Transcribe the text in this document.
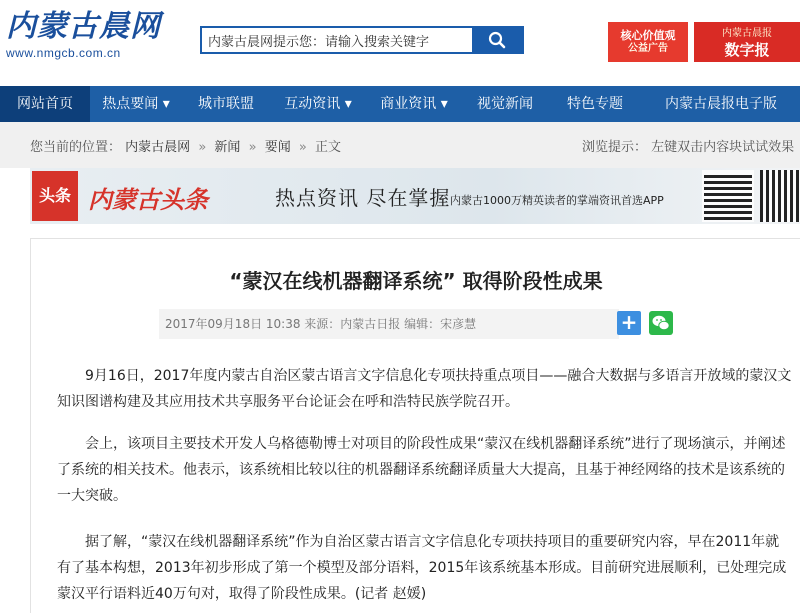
内蒙古晨网
www.nmgcb.com.cn
内蒙古晨网提示您：请输入搜索关键字
核心价值观
公益广告
内蒙古晨报
数字报
网站首页	热点要闻 ▾	城市联盟	互动资讯 ▾	商业资讯 ▾	视觉新闻	特色专题	内蒙古晨报电子版
您当前的位置： 内蒙古晨网 » 新闻 » 要闻 » 正文	浏览提示： 左键双击内容块试试效果
头条 内蒙古头条	热点资讯 尽在掌握 内蒙古1000万精英读者的掌端资讯首选APP
“蒙汉在线机器翻译系统” 取得阶段性成果
2017年09月18日 10:38 来源：内蒙古日报 编辑：宋彦慧	+

9月16日，2017年度内蒙古自治区蒙古语言文字信息化专项扶持重点项目——融合大数据与多语言开放域的蒙汉文知识图谱构建及其应用技术共享服务平台论证会在呼和浩特民族学院召开。

会上，该项目主要技术开发人乌格德勒博士对项目的阶段性成果“蒙汉在线机器翻译系统”进行了现场演示，并阐述了系统的相关技术。他表示，该系统相比较以往的机器翻译系统翻译质量大大提高，且基于神经网络的技术是该系统的一大突破。

据了解，“蒙汉在线机器翻译系统”作为自治区蒙古语言文字信息化专项扶持项目的重要研究内容，早在2011年就有了基本构想，2013年初步形成了第一个模型及部分语料，2015年该系统基本形成。目前研究进展顺利，已处理完成蒙汉平行语料近40万句对，取得了阶段性成果。(记者 赵媛)
